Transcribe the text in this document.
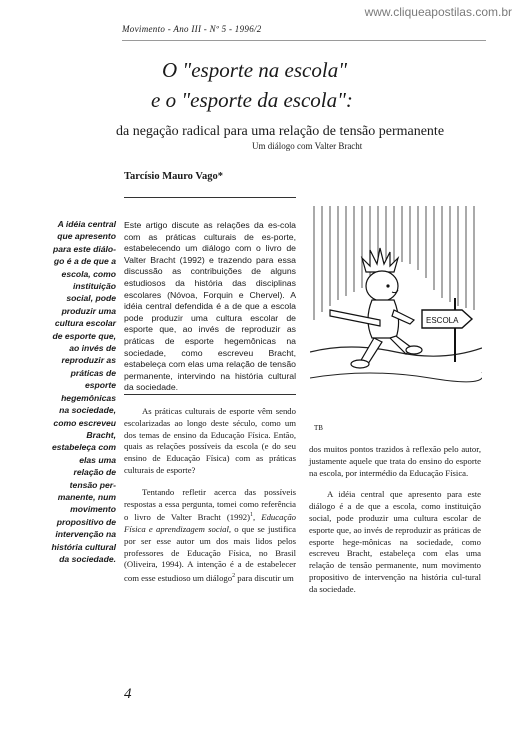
www.cliqueapostilas.com.br
Movimento - Ano III - Nº 5 - 1996/2
O "esporte na escola"
e o "esporte da escola":
da negação radical para uma relação de tensão permanente
Um diálogo com Valter Bracht
Tarcísio Mauro Vago*
A idéia central que apresento para este diálo-go é a de que a escola, como instituição social, pode produzir uma cultura escolar de esporte que, ao invés de reproduzir as práticas de esporte hegemônicas na sociedade, como escreveu Bracht, estabeleça com elas uma relação de tensão per-manente, num movimento propositivo de intervenção na história cultural da sociedade.
Este artigo discute as relações da es-cola com as práticas culturais de es-porte, estabelecendo um diálogo com o livro de Valter Bracht (1992) e trazendo para essa discussão as contribuições de alguns estudiosos da história das disciplinas escolares (Nóvoa, Forquin e Chervel). A idéia central defendida é a de que a escola pode produzir uma cultura escolar de esporte que, ao invés de reproduzir as práticas de esporte hegemônicas na sociedade, como escreveu Bracht, estabeleça com elas uma relação de tensão permanente, intervindo na história cultural da sociedade.

As práticas culturais de esporte vêm sendo escolarizadas ao longo deste século, como um dos temas de ensino da Educação Física. Então, quais as relações possíveis da escola (e do seu ensino de Educação Física) com as práticas culturais de esporte?

Tentando refletir acerca das possíveis respostas a essa pergunta, tomei como referência o livro de Valter Bracht $(1992)^1$, Educação Física e aprendizagem social, o que se justifica por ser esse autor um dos mais lidos pelos professores de Educação Física, no Brasil (Oliveira, 1994). A intenção é a de estabelecer com esse estudioso um diálogo$^2$ para discutir um

ESCOLA
TB

dos muitos pontos trazidos à reflexão pelo autor, justamente aquele que trata do ensino do esporte na escola, por intermédio da Educação Física.

A idéia central que apresento para este diálogo é a de que a escola, como instituição social, pode produzir uma cultura escolar de esporte que, ao invés de reproduzir as práticas de esporte hege-mônicas na sociedade, como escreveu Bracht, estabeleça com elas uma relação de tensão permanente, num movimento propositivo de intervenção na história cul-tural da sociedade.

4
